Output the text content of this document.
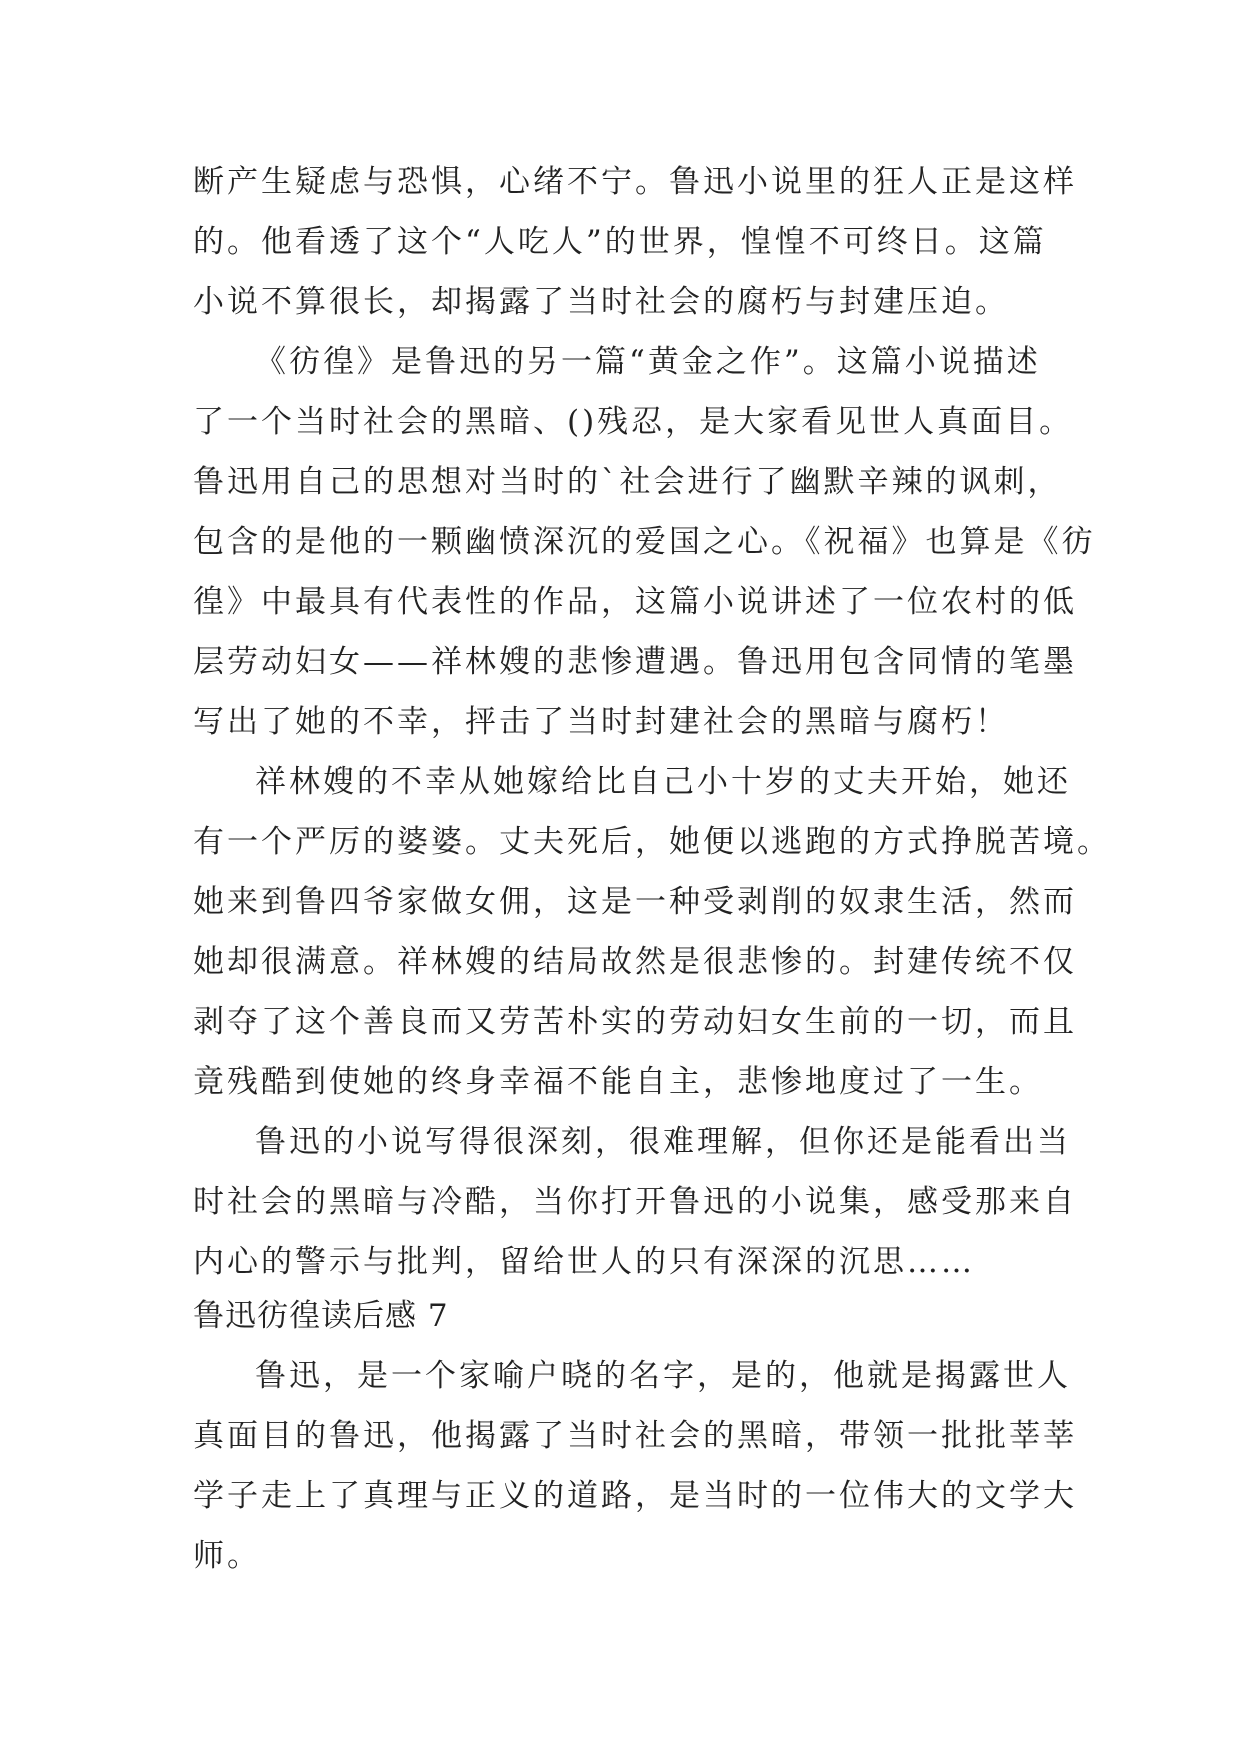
断产生疑虑与恐惧，心绪不宁。鲁迅小说里的狂人正是这样
的。他看透了这个“人吃人”的世界，惶惶不可终日。这篇
小说不算很长，却揭露了当时社会的腐朽与封建压迫。
《彷徨》是鲁迅的另一篇“黄金之作”。这篇小说描述
了一个当时社会的黑暗、()残忍，是大家看见世人真面目。
鲁迅用自己的思想对当时的`社会进行了幽默辛辣的讽刺，
包含的是他的一颗幽愤深沉的爱国之心。《祝福》也算是《彷
徨》中最具有代表性的作品，这篇小说讲述了一位农村的低
层劳动妇女——祥林嫂的悲惨遭遇。鲁迅用包含同情的笔墨
写出了她的不幸，抨击了当时封建社会的黑暗与腐朽！
祥林嫂的不幸从她嫁给比自己小十岁的丈夫开始，她还
有一个严厉的婆婆。丈夫死后，她便以逃跑的方式挣脱苦境。
她来到鲁四爷家做女佣，这是一种受剥削的奴隶生活，然而
她却很满意。祥林嫂的结局故然是很悲惨的。封建传统不仅
剥夺了这个善良而又劳苦朴实的劳动妇女生前的一切，而且
竟残酷到使她的终身幸福不能自主，悲惨地度过了一生。
鲁迅的小说写得很深刻，很难理解，但你还是能看出当
时社会的黑暗与冷酷，当你打开鲁迅的小说集，感受那来自
内心的警示与批判，留给世人的只有深深的沉思……
鲁迅彷徨读后感 7
鲁迅，是一个家喻户晓的名字，是的，他就是揭露世人
真面目的鲁迅，他揭露了当时社会的黑暗，带领一批批莘莘
学子走上了真理与正义的道路，是当时的一位伟大的文学大
师。
